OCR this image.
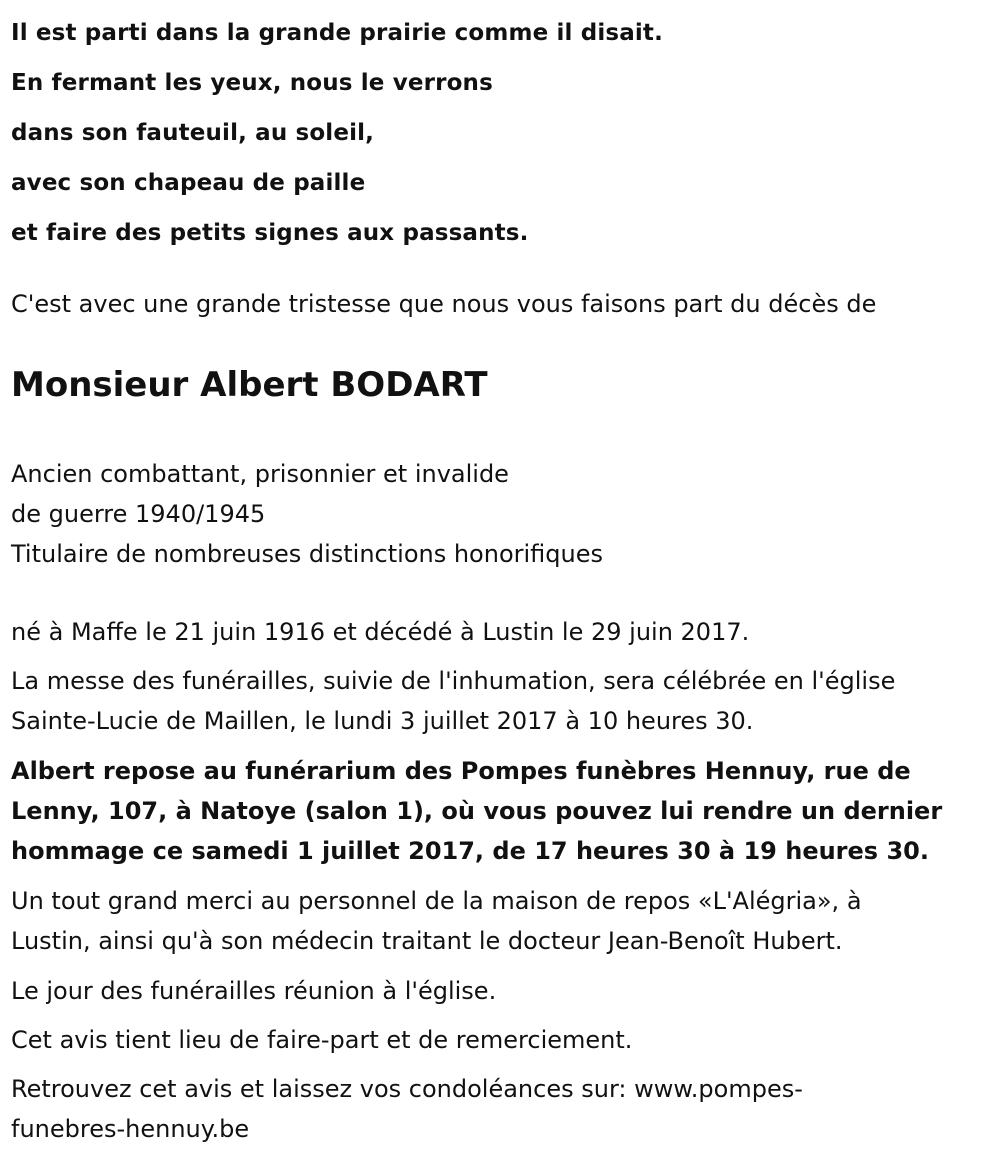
Il est parti dans la grande prairie comme il disait.
En fermant les yeux, nous le verrons
dans son fauteuil, au soleil,
avec son chapeau de paille
et faire des petits signes aux passants.
C'est avec une grande tristesse que nous vous faisons part du décès de
Monsieur Albert BODART
Ancien combattant, prisonnier et invalide
de guerre 1940/1945
Titulaire de nombreuses distinctions honorifiques
né à Maffe le 21 juin 1916 et décédé à Lustin le 29 juin 2017.
La messe des funérailles, suivie de l'inhumation, sera célébrée en l'église
Sainte-Lucie de Maillen, le lundi 3 juillet 2017 à 10 heures 30.
Albert repose au funérarium des Pompes funèbres Hennuy, rue de
Lenny, 107, à Natoye (salon 1), où vous pouvez lui rendre un dernier
hommage ce samedi 1 juillet 2017, de 17 heures 30 à 19 heures 30.
Un tout grand merci au personnel de la maison de repos «L'Alégria», à
Lustin, ainsi qu'à son médecin traitant le docteur Jean-Benoît Hubert.
Le jour des funérailles réunion à l'église.
Cet avis tient lieu de faire-part et de remerciement.
Retrouvez cet avis et laissez vos condoléances sur: www.pompes-
funebres-hennuy.be
